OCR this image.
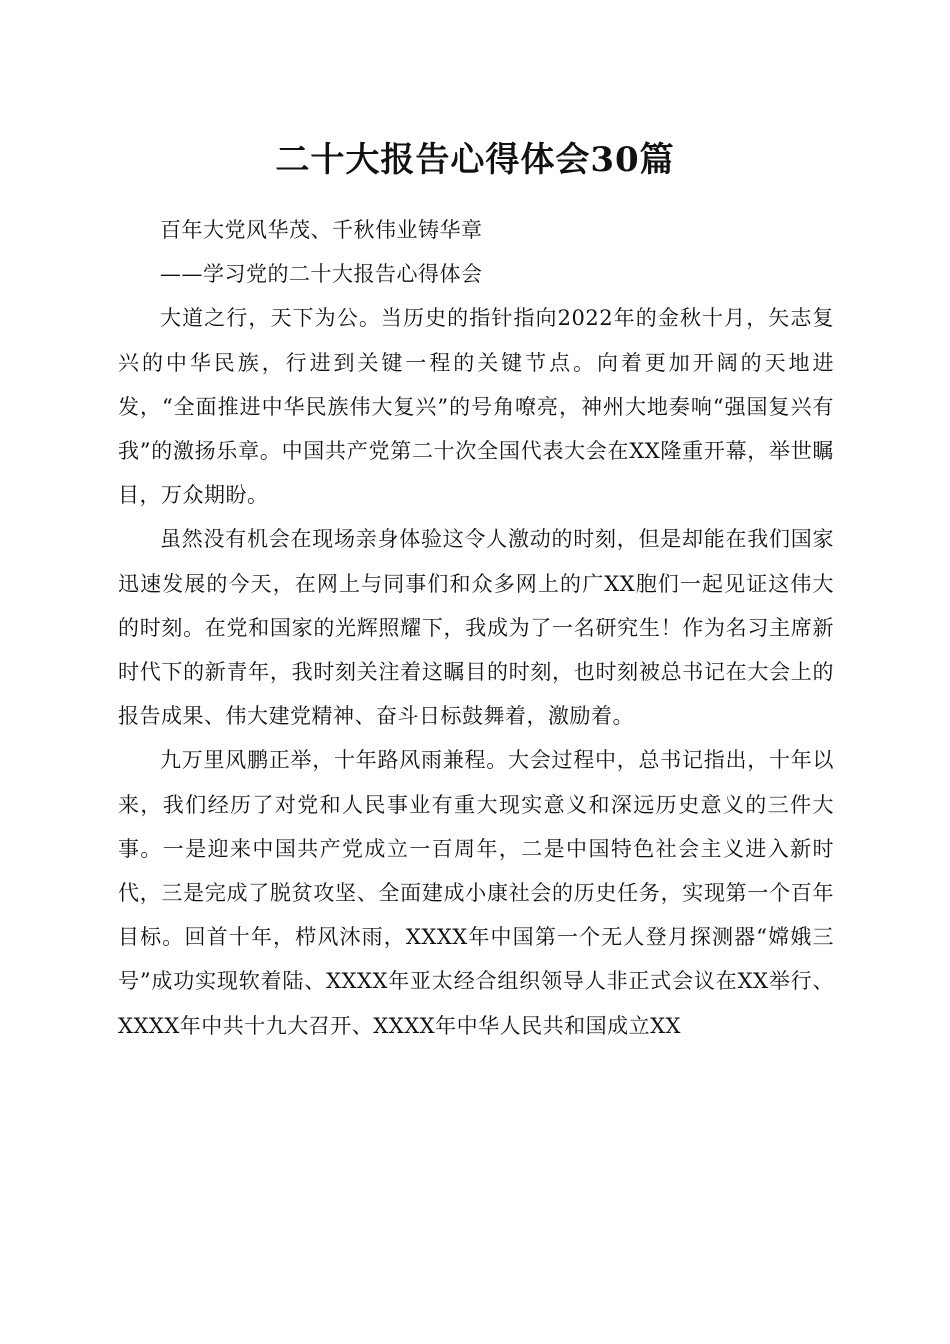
二十大报告心得体会30篇

百年大党风华茂、千秋伟业铸华章

——学习党的二十大报告心得体会

大道之行，天下为公。当历史的指针指向2022年的金秋十月，矢志复兴的中华民族，行进到关键一程的关键节点。向着更加开阔的天地进发，“全面推进中华民族伟大复兴”的号角嘹亮，神州大地奏响“强国复兴有我”的激扬乐章。中国共产党第二十次全国代表大会在XX隆重开幕，举世瞩目，万众期盼。

虽然没有机会在现场亲身体验这令人激动的时刻，但是却能在我们国家迅速发展的今天，在网上与同事们和众多网上的广XX胞们一起见证这伟大的时刻。在党和国家的光辉照耀下，我成为了一名研究生！作为名习主席新时代下的新青年，我时刻关注着这瞩目的时刻，也时刻被总书记在大会上的报告成果、伟大建党精神、奋斗日标鼓舞着，激励着。

九万里风鹏正举，十年路风雨兼程。大会过程中，总书记指出，十年以来，我们经历了对党和人民事业有重大现实意义和深远历史意义的三件大事。一是迎来中国共产党成立一百周年，二是中国特色社会主义进入新时代，三是完成了脱贫攻坚、全面建成小康社会的历史任务，实现第一个百年目标。回首十年，栉风沐雨，XXXX年中国第一个无人登月探测器“嫦娥三号”成功实现软着陆、XXXX年亚太经合组织领导人非正式会议在XX举行、XXXX年中共十九大召开、XXXX年中华人民共和国成立XX
